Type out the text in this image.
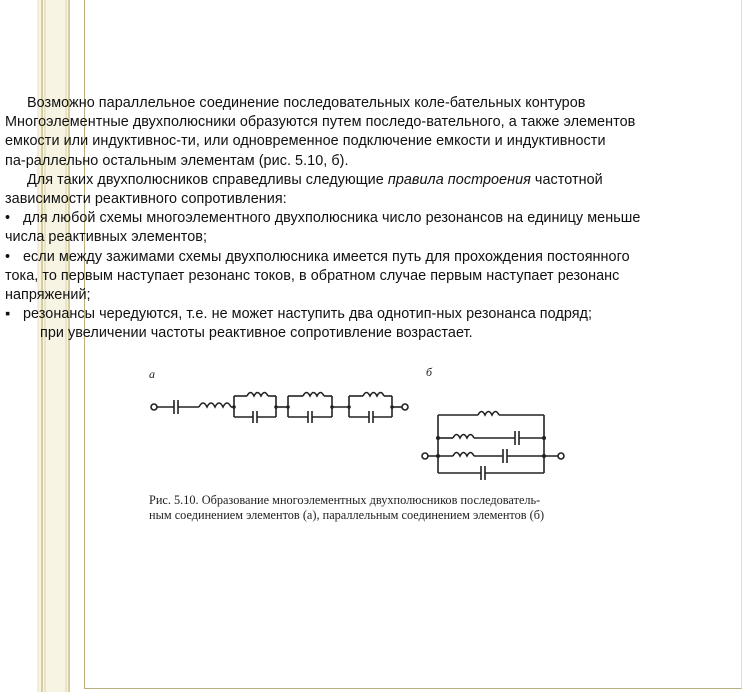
Возможно параллельное соединение последовательных коле-бательных контуров

Многоэлементные двухполюсники образуются путем последо-вательного, а также элементов

емкости или индуктивнос-ти, или одновременное подключение емкости и индуктивности

па-раллельно остальным элементам (рис. 5.10, б).

Для таких двухполюсников справедливы следующие правила построения частотной

зависимости реактивного сопротивления:

• для любой схемы многоэлементного двухполюсника число резонансов на единицу меньше

числа реактивных элементов;

• если между зажимами схемы двухполюсника имеется путь для прохождения постоянного

тока, то первым наступает резонанс токов, в обратном случае первым наступает резонанс

напряжений;

▪ резонансы чередуются, т.е. не может наступить два однотип-ных резонанса подряд;

при увеличении частоты реактивное сопротивление возрастает.

а	б

Рис. 5.10. Образование многоэлементных двухполюсников последователь-

ным соединением элементов (а), параллельным соединением элементов (б)
